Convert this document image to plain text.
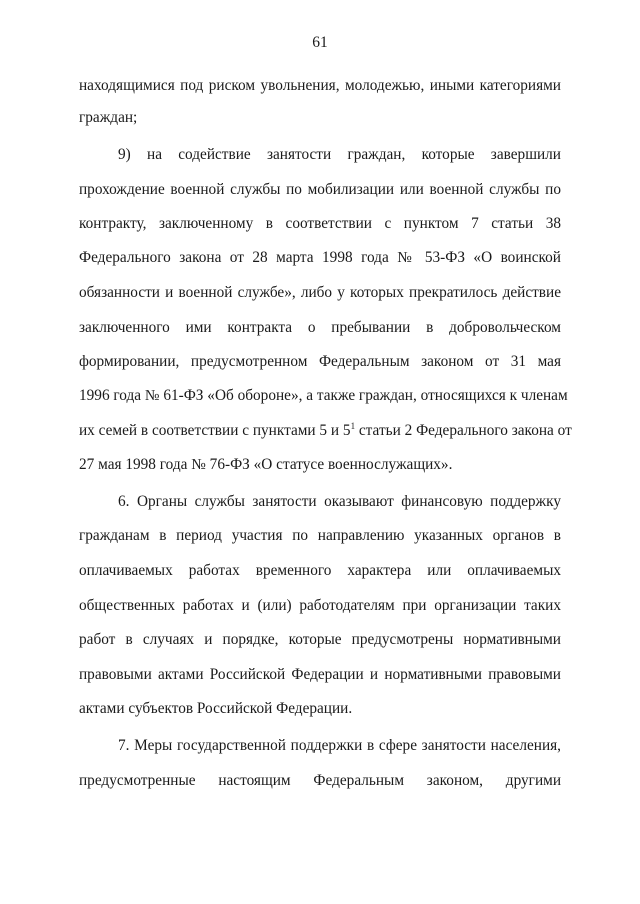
61
находящимися под риском увольнения, молодежью, иными категориями
граждан;
9) на содействие занятости граждан, которые завершили
прохождение военной службы по мобилизации или военной службы по
контракту, заключенному в соответствии с пунктом 7 статьи 38
Федерального закона от 28 марта 1998 года № 53-ФЗ «О воинской
обязанности и военной службе», либо у которых прекратилось действие
заключенного ими контракта о пребывании в добровольческом
формировании, предусмотренном Федеральным законом от 31 мая
1996 года № 61-ФЗ «Об обороне», а также граждан, относящихся к членам
их семей в соответствии с пунктами 5 и $5^1$ статьи 2 Федерального закона от
27 мая 1998 года № 76-ФЗ «О статусе военнослужащих».
6. Органы службы занятости оказывают финансовую поддержку
гражданам в период участия по направлению указанных органов в
оплачиваемых работах временного характера или оплачиваемых
общественных работах и (или) работодателям при организации таких
работ в случаях и порядке, которые предусмотрены нормативными
правовыми актами Российской Федерации и нормативными правовыми
актами субъектов Российской Федерации.
7. Меры государственной поддержки в сфере занятости населения,
предусмотренные настоящим Федеральным законом, другими
